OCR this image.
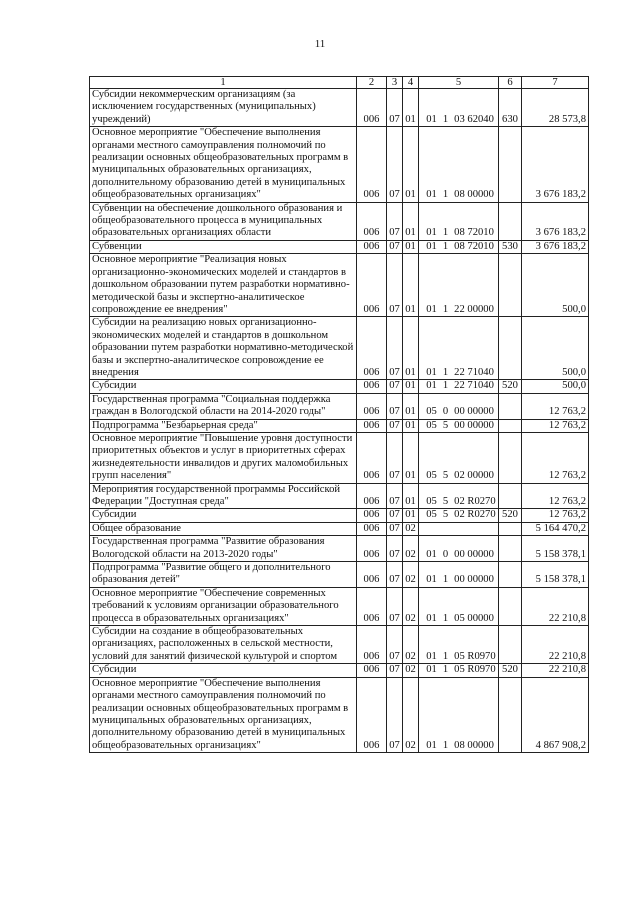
11
1	2	3	4	5	6	7
Субсидии некоммерческим организациям (за исключением государственных (муниципальных) учреждений)	006	07	01	01 1 03 62040	630	28 573,8
Основное мероприятие "Обеспечение выполнения органами местного самоуправления полномочий по реализации основных общеобразовательных программ в муниципальных образовательных организациях, дополнительному образованию детей в муниципальных общеобразовательных организациях"	006	07	01	01 1 08 00000		3 676 183,2
Субвенции на обеспечение дошкольного образования и общеобразовательного процесса в муниципальных образовательных организациях области	006	07	01	01 1 08 72010		3 676 183,2
Субвенции	006	07	01	01 1 08 72010	530	3 676 183,2
Основное мероприятие "Реализация новых организационно-экономических моделей и стандартов в дошкольном образовании путем разработки нормативно-методической базы и экспертно-аналитическое сопровождение ее внедрения"	006	07	01	01 1 22 00000		500,0
Субсидии на реализацию новых организационно-экономических моделей и стандартов в дошкольном образовании путем разработки нормативно-методической базы и экспертно-аналитическое сопровождение ее внедрения	006	07	01	01 1 22 71040		500,0
Субсидии	006	07	01	01 1 22 71040	520	500,0
Государственная программа "Социальная поддержка граждан в Вологодской области на 2014-2020 годы"	006	07	01	05 0 00 00000		12 763,2
Подпрограмма "Безбарьерная среда"	006	07	01	05 5 00 00000		12 763,2
Основное мероприятие "Повышение уровня доступности приоритетных объектов и услуг в приоритетных сферах жизнедеятельности инвалидов и других маломобильных групп населения"	006	07	01	05 5 02 00000		12 763,2
Мероприятия государственной программы Российской Федерации "Доступная среда"	006	07	01	05 5 02 R0270		12 763,2
Субсидии	006	07	01	05 5 02 R0270	520	12 763,2
Общее образование	006	07	02			5 164 470,2
Государственная программа "Развитие образования Вологодской области на 2013-2020 годы"	006	07	02	01 0 00 00000		5 158 378,1
Подпрограмма "Развитие общего и дополнительного образования детей"	006	07	02	01 1 00 00000		5 158 378,1
Основное мероприятие "Обеспечение современных требований к условиям организации образовательного процесса в образовательных организациях"	006	07	02	01 1 05 00000		22 210,8
Субсидии на создание в общеобразовательных организациях, расположенных в сельской местности, условий для занятий физической культурой и спортом	006	07	02	01 1 05 R0970		22 210,8
Субсидии	006	07	02	01 1 05 R0970	520	22 210,8
Основное мероприятие "Обеспечение выполнения органами местного самоуправления полномочий по реализации основных общеобразовательных программ в муниципальных образовательных организациях, дополнительному образованию детей в муниципальных общеобразовательных организациях"	006	07	02	01 1 08 00000		4 867 908,2
